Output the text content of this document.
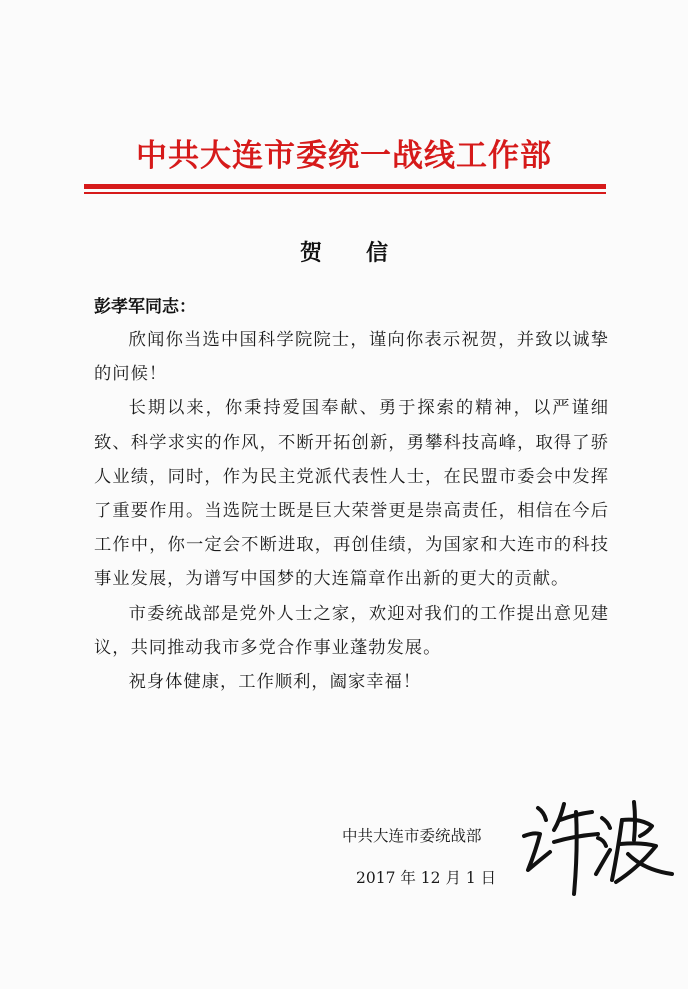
中共大连市委统一战线工作部
贺信
彭孝军同志：

欣闻你当选中国科学院院士，谨向你表示祝贺，并致以诚挚的问候！

长期以来，你秉持爱国奉献、勇于探索的精神，以严谨细致、科学求实的作风，不断开拓创新，勇攀科技高峰，取得了骄人业绩，同时，作为民主党派代表性人士，在民盟市委会中发挥了重要作用。当选院士既是巨大荣誉更是崇高责任，相信在今后工作中，你一定会不断进取，再创佳绩，为国家和大连市的科技事业发展，为谱写中国梦的大连篇章作出新的更大的贡献。

市委统战部是党外人士之家，欢迎对我们的工作提出意见建议，共同推动我市多党合作事业蓬勃发展。

祝身体健康，工作顺利，阖家幸福！

中共大连市委统战部
2017 年 12 月 1 日
